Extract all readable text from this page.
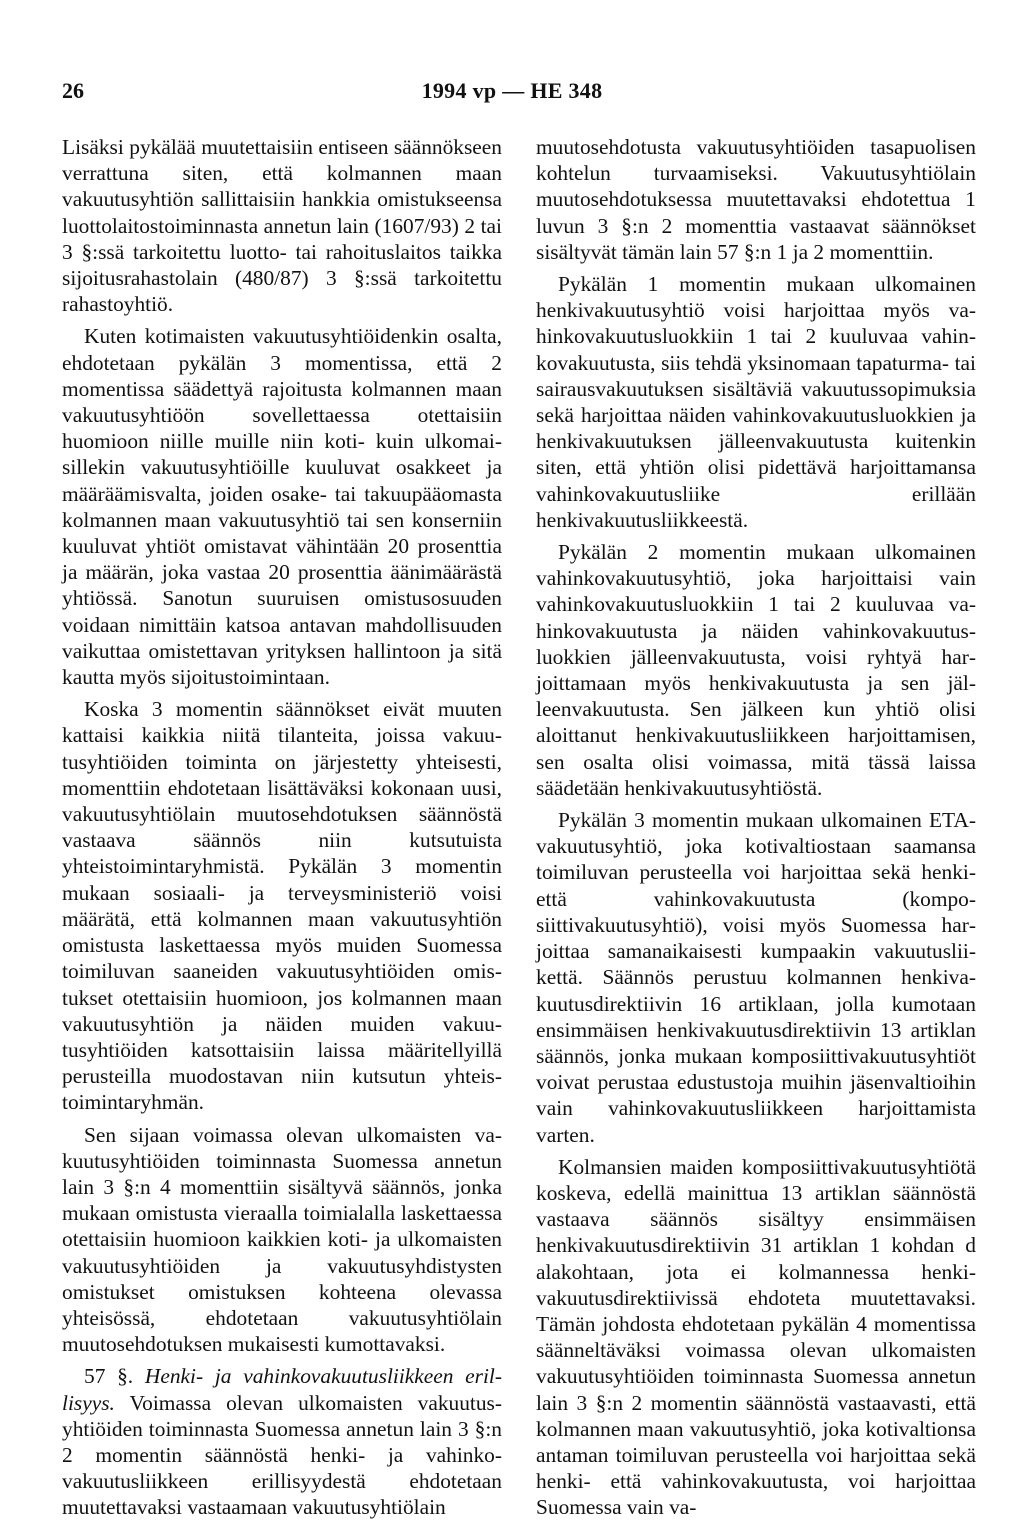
26	1994 vp — HE 348

Lisäksi pykälää muutettaisiin entiseen säännökseen verrattuna siten, että kolmannen maan vakuutusyhtiön sallittaisiin hankkia omistukseensa luottolaitostoiminnasta annetun lain (1607/93) 2 tai 3 §:ssä tarkoitettu luotto- tai rahoituslaitos taikka sijoitusrahastolain (480/87) 3 §:ssä tarkoitettu rahastoyhtiö.

Kuten kotimaisten vakuutusyhtiöidenkin osalta, ehdotetaan pykälän 3 momentissa, että 2 momentissa säädettyä rajoitusta kolmannen maan vakuutusyhtiöön sovellettaessa otettaisiin huomioon niille muille niin koti- kuin ulkomaisillekin vakuutusyhtiöille kuuluvat osakkeet ja määräämisvalta, joiden osake- tai takuupääomasta kolmannen maan vakuutusyhtiö tai sen konserniin kuuluvat yhtiöt omistavat vähintään 20 prosenttia ja määrän, joka vastaa 20 prosenttia äänimäärästä yhtiössä. Sanotun suuruisen omistusosuuden voidaan nimittäin katsoa antavan mahdollisuuden vaikuttaa omistettavan yrityksen hallintoon ja sitä kautta myös sijoitustoimintaan.

Koska 3 momentin säännökset eivät muuten kattaisi kaikkia niitä tilanteita, joissa vakuutusyhtiöiden toiminta on järjestetty yhteisesti, momenttiin ehdotetaan lisättäväksi kokonaan uusi, vakuutusyhtiölain muutosehdotuksen säännöstä vastaava säännös niin kutsutuista yhteistoimintaryhmistä. Pykälän 3 momentin mukaan sosiaali- ja terveysministeriö voisi määrätä, että kolmannen maan vakuutusyhtiön omistusta laskettaessa myös muiden Suomessa toimiluvan saaneiden vakuutusyhtiöiden omistukset otettaisiin huomioon, jos kolmannen maan vakuutusyhtiön ja näiden muiden vakuutusyhtiöiden katsottaisiin laissa määritellyillä perusteilla muodostavan niin kutsutun yhteistoimintaryhmän.

Sen sijaan voimassa olevan ulkomaisten vakuutusyhtiöiden toiminnasta Suomessa annetun lain 3 §:n 4 momenttiin sisältyvä säännös, jonka mukaan omistusta vieraalla toimialalla laskettaessa otettaisiin huomioon kaikkien koti- ja ulkomaisten vakuutusyhtiöiden ja vakuutusyhdistysten omistukset omistuksen kohteena olevassa yhteisössä, ehdotetaan vakuutusyhtiölain muutosehdotuksen mukaisesti kumottavaksi.

57 §. Henki- ja vahinkovakuutusliikkeen erillisyys. Voimassa olevan ulkomaisten vakuutusyhtiöiden toiminnasta Suomessa annetun lain 3 §:n 2 momentin säännöstä henki- ja vahinkovakuutusliikkeen erillisyydestä ehdotetaan muutettavaksi vastaamaan vakuutusyhtiölain

muutosehdotusta vakuutusyhtiöiden tasapuolisen kohtelun turvaamiseksi. Vakuutusyhtiölain muutosehdotuksessa muutettavaksi ehdotettua 1 luvun 3 §:n 2 momenttia vastaavat säännökset sisältyvät tämän lain 57 §:n 1 ja 2 momenttiin.

Pykälän 1 momentin mukaan ulkomainen henkivakuutusyhtiö voisi harjoittaa myös vahinkovakuutusluokkiin 1 tai 2 kuuluvaa vahinkovakuutusta, siis tehdä yksinomaan tapaturma- tai sairausvakuutuksen sisältäviä vakuutussopimuksia sekä harjoittaa näiden vahinkovakuutusluokkien ja henkivakuutuksen jälleenvakuutusta kuitenkin siten, että yhtiön olisi pidettävä harjoittamansa vahinkovakuutusliike erillään henkivakuutusliikkeestä.

Pykälän 2 momentin mukaan ulkomainen vahinkovakuutusyhtiö, joka harjoittaisi vain vahinkovakuutusluokkiin 1 tai 2 kuuluvaa vahinkovakuutusta ja näiden vahinkovakuutusluokkien jälleenvakuutusta, voisi ryhtyä harjoittamaan myös henkivakuutusta ja sen jälleenvakuutusta. Sen jälkeen kun yhtiö olisi aloittanut henkivakuutusliikkeen harjoittamisen, sen osalta olisi voimassa, mitä tässä laissa säädetään henkivakuutusyhtiöstä.

Pykälän 3 momentin mukaan ulkomainen ETA-vakuutusyhtiö, joka kotivaltiostaan saamansa toimiluvan perusteella voi harjoittaa sekä henki- että vahinkovakuutusta (komposiittivakuutusyhtiö), voisi myös Suomessa harjoittaa samanaikaisesti kumpaakin vakuutusliikettä. Säännös perustuu kolmannen henkivakuutusdirektiivin 16 artiklaan, jolla kumotaan ensimmäisen henkivakuutusdirektiivin 13 artiklan säännös, jonka mukaan komposiittivakuutusyhtiöt voivat perustaa edustustoja muihin jäsenvaltioihin vain vahinkovakuutusliikkeen harjoittamista varten.

Kolmansien maiden komposiittivakuutusyhtiötä koskeva, edellä mainittua 13 artiklan säännöstä vastaava säännös sisältyy ensimmäisen henkivakuutusdirektiivin 31 artiklan 1 kohdan d alakohtaan, jota ei kolmannessa henkivakuutusdirektiivissä ehdoteta muutettavaksi. Tämän johdosta ehdotetaan pykälän 4 momentissa säänneltäväksi voimassa olevan ulkomaisten vakuutusyhtiöiden toiminnasta Suomessa annetun lain 3 §:n 2 momentin säännöstä vastaavasti, että kolmannen maan vakuutusyhtiö, joka kotivaltionsa antaman toimiluvan perusteella voi harjoittaa sekä henki- että vahinkovakuutusta, voi harjoittaa Suomessa vain va-
